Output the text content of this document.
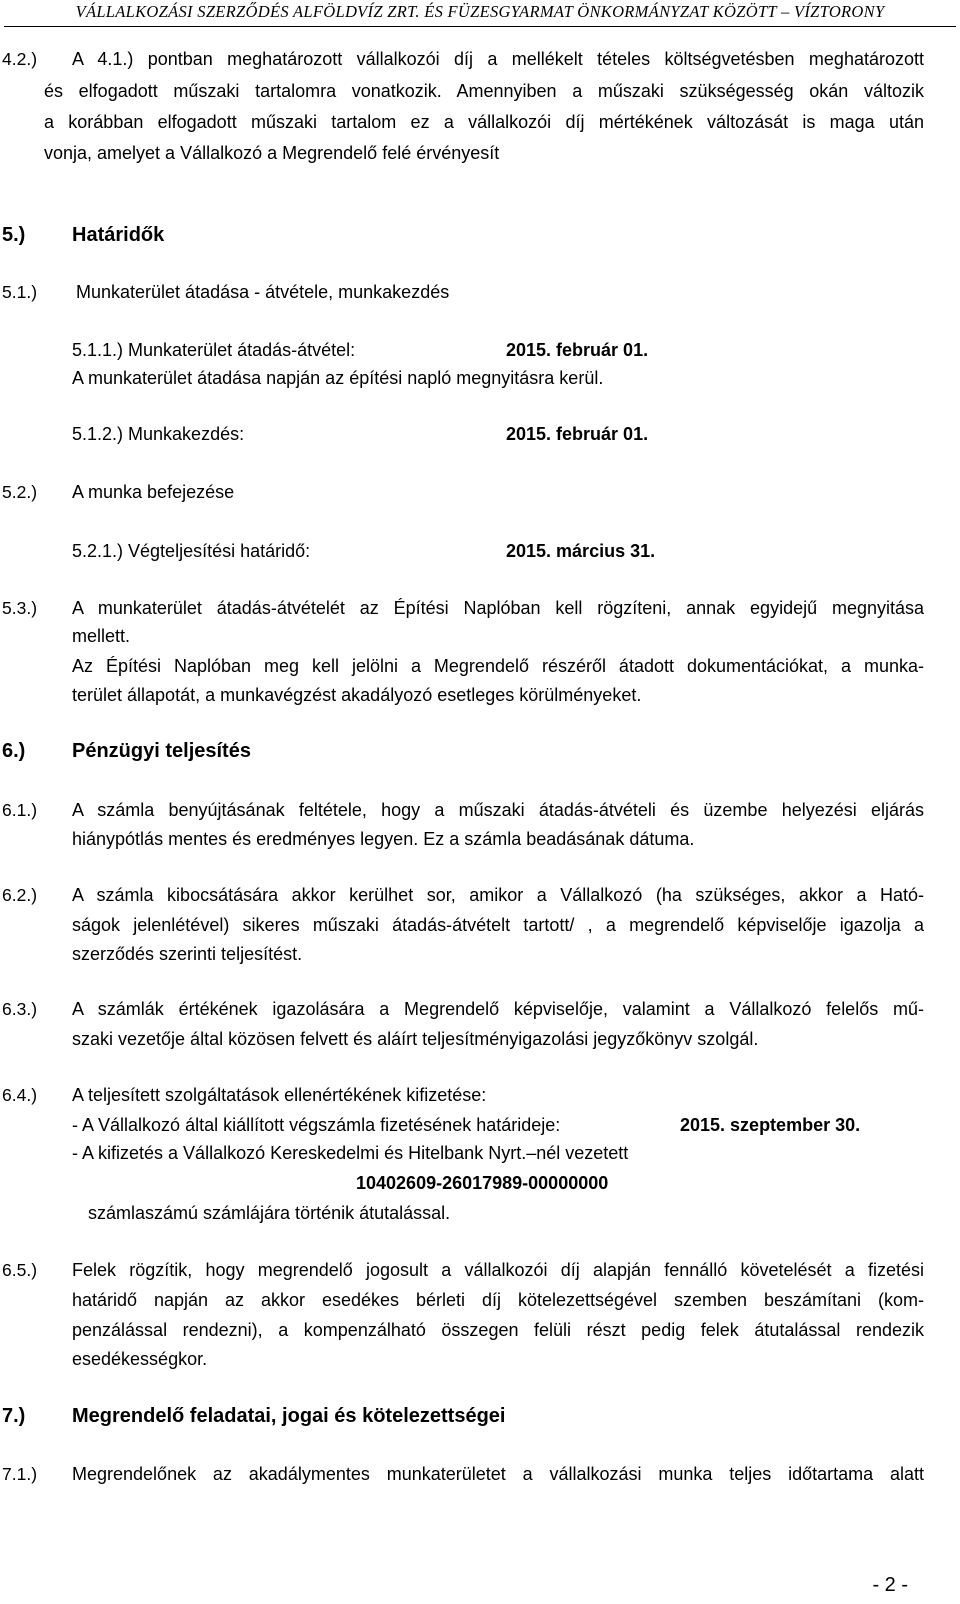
VÁLLALKOZÁSI SZERZŐDÉS ALFÖLDVÍZ ZRT. ÉS FÜZESGYARMAT ÖNKORMÁNYZAT KÖZÖTT – VÍZTORONY
4.2.) A 4.1.) pontban meghatározott vállalkozói díj a mellékelt tételes költségvetésben meghatározott
és elfogadott műszaki tartalomra vonatkozik. Amennyiben a műszaki szükségesség okán változik
a korábban elfogadott műszaki tartalom ez a vállalkozói díj mértékének változását is maga után
vonja, amelyet a Vállalkozó a Megrendelő felé érvényesít
5.) Határidők
5.1.) Munkaterület átadása - átvétele, munkakezdés
5.1.1.) Munkaterület átadás-átvétel:	2015. február 01.
A munkaterület átadása napján az építési napló megnyitásra kerül.
5.1.2.) Munkakezdés:	2015. február 01.
5.2.) A munka befejezése
5.2.1.) Végteljesítési határidő:	2015. március 31.
5.3.) A munkaterület átadás-átvételét az Építési Naplóban kell rögzíteni, annak egyidejű megnyitása
mellett.
Az Építési Naplóban meg kell jelölni a Megrendelő részéről átadott dokumentációkat, a munka-
terület állapotát, a munkavégzést akadályozó esetleges körülményeket.
6.) Pénzügyi teljesítés
6.1.) A számla benyújtásának feltétele, hogy a műszaki átadás-átvételi és üzembe helyezési eljárás
hiánypótlás mentes és eredményes legyen. Ez a számla beadásának dátuma.
6.2.) A számla kibocsátására akkor kerülhet sor, amikor a Vállalkozó (ha szükséges, akkor a Ható-
ságok jelenlétével) sikeres műszaki átadás-átvételt tartott/ , a megrendelő képviselője igazolja a
szerződés szerinti teljesítést.
6.3.) A számlák értékének igazolására a Megrendelő képviselője, valamint a Vállalkozó felelős mű-
szaki vezetője által közösen felvett és aláírt teljesítményigazolási jegyzőkönyv szolgál.
6.4.) A teljesített szolgáltatások ellenértékének kifizetése:
- A Vállalkozó által kiállított végszámla fizetésének határideje:	2015. szeptember 30.
- A kifizetés a Vállalkozó Kereskedelmi és Hitelbank Nyrt.–nél vezetett
10402609-26017989-00000000
számlaszámú számlájára történik átutalással.
6.5.) Felek rögzítik, hogy megrendelő jogosult a vállalkozói díj alapján fennálló követelését a fizetési
határidő napján az akkor esedékes bérleti díj kötelezettségével szemben beszámítani (kom-
penzálással rendezni), a kompenzálható összegen felüli részt pedig felek átutalással rendezik
esedékességkor.
7.) Megrendelő feladatai, jogai és kötelezettségei
7.1.) Megrendelőnek az akadálymentes munkaterületet a vállalkozási munka teljes időtartama alatt
- 2 -
